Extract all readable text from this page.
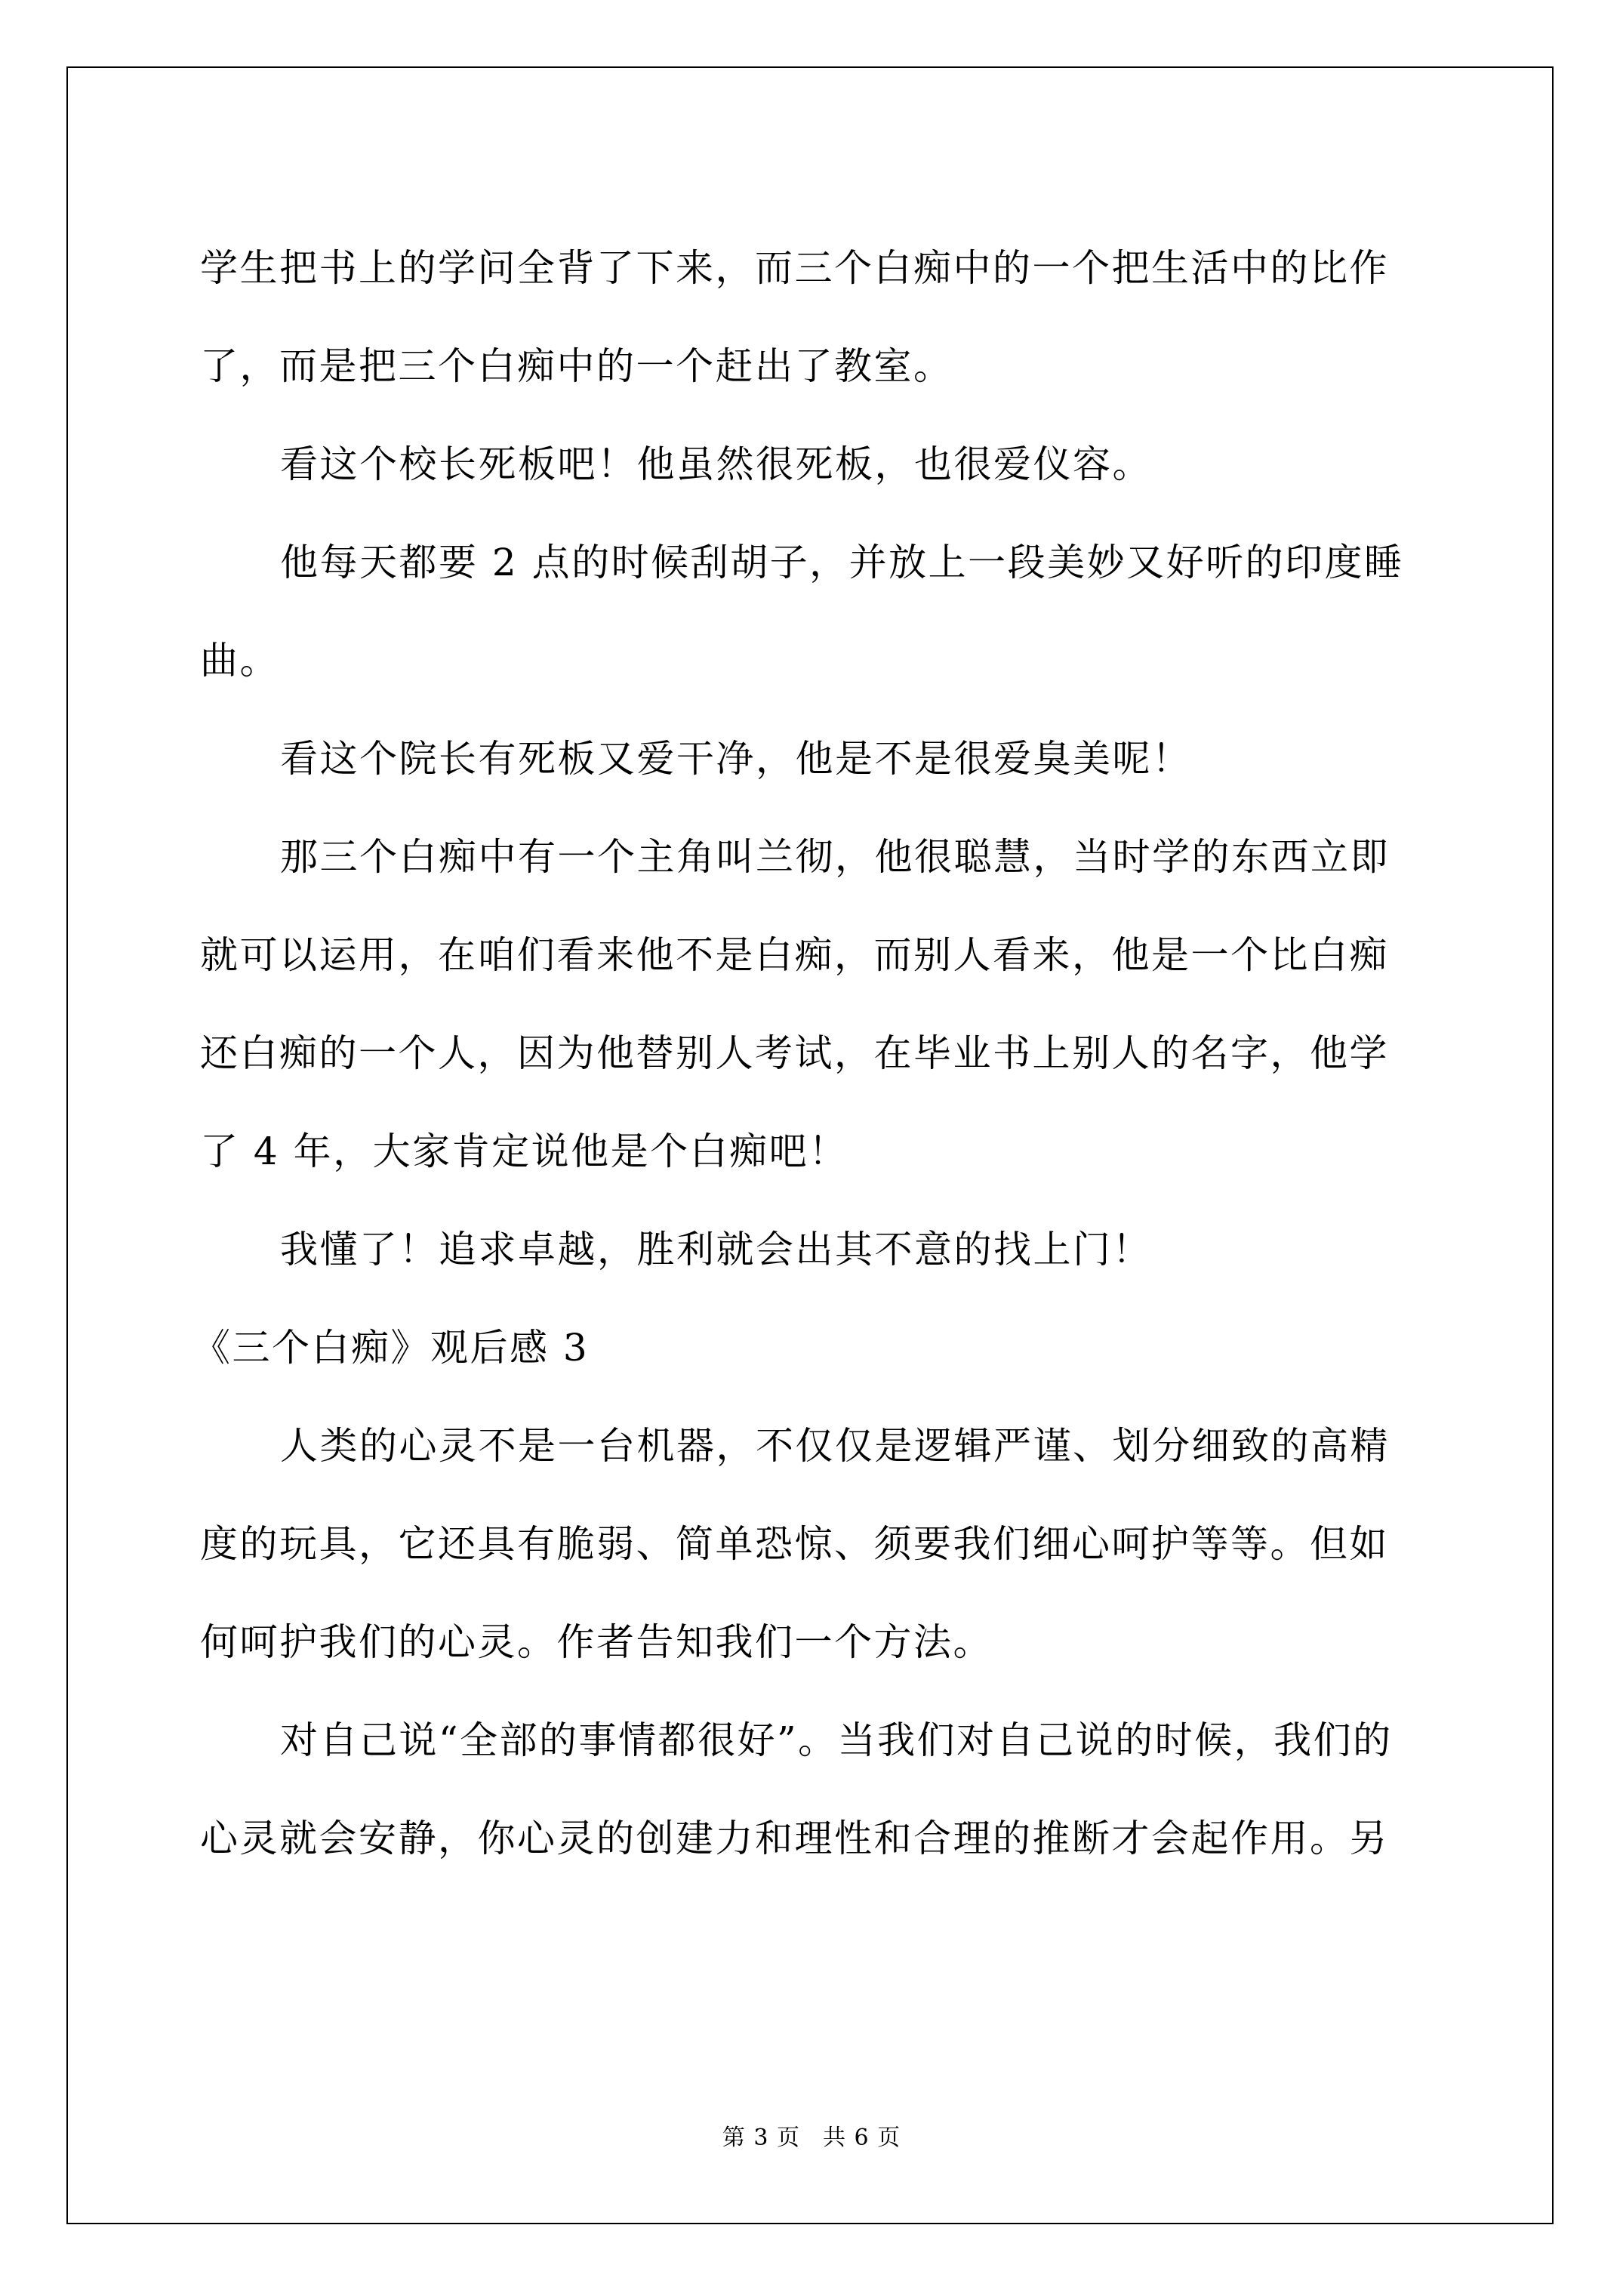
学生把书上的学问全背了下来，而三个白痴中的一个把生活中的比作
了，而是把三个白痴中的一个赶出了教室。
看这个校长死板吧！他虽然很死板，也很爱仪容。
他每天都要 2 点的时候刮胡子，并放上一段美妙又好听的印度睡
曲。
看这个院长有死板又爱干净，他是不是很爱臭美呢！
那三个白痴中有一个主角叫兰彻，他很聪慧，当时学的东西立即
就可以运用，在咱们看来他不是白痴，而别人看来，他是一个比白痴
还白痴的一个人，因为他替别人考试，在毕业书上别人的名字，他学
了 4 年，大家肯定说他是个白痴吧！
我懂了！追求卓越，胜利就会出其不意的找上门！
《三个白痴》观后感 3
人类的心灵不是一台机器，不仅仅是逻辑严谨、划分细致的高精
度的玩具，它还具有脆弱、简单恐惊、须要我们细心呵护等等。但如
何呵护我们的心灵。作者告知我们一个方法。
对自己说“全部的事情都很好”。当我们对自己说的时候，我们的
心灵就会安静，你心灵的创建力和理性和合理的推断才会起作用。另
第 3 页 共 6 页
